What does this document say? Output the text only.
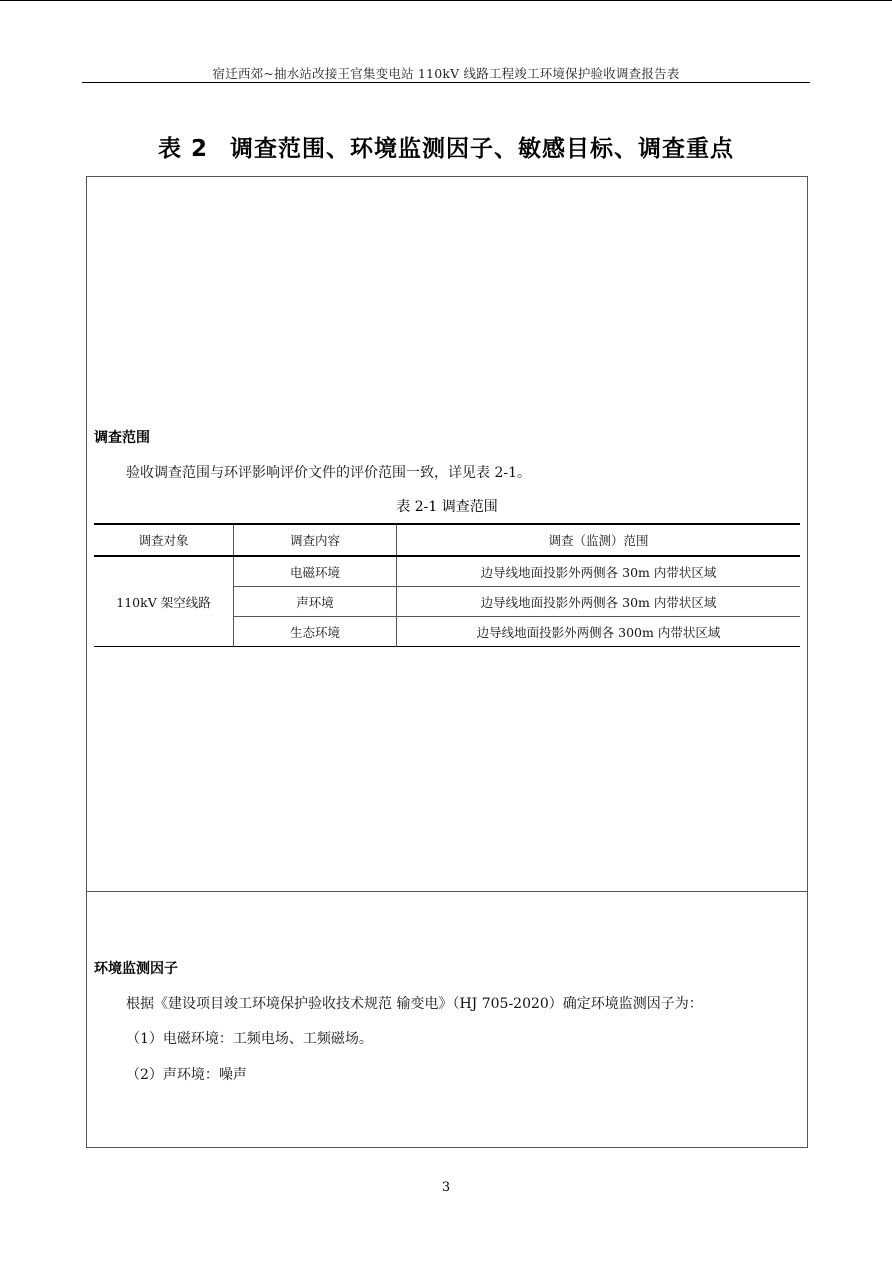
宿迁西郊~抽水站改接王官集变电站 110kV 线路工程竣工环境保护验收调查报告表
表 2 调查范围、环境监测因子、敏感目标、调查重点
调查范围
验收调查范围与环评影响评价文件的评价范围一致，详见表 2-1。
表 2-1 调查范围
调查对象	调查内容	调查（监测）范围
110kV 架空线路	电磁环境	边导线地面投影外两侧各 30m 内带状区域
	声环境	边导线地面投影外两侧各 30m 内带状区域
	生态环境	边导线地面投影外两侧各 300m 内带状区域
环境监测因子
根据《建设项目竣工环境保护验收技术规范 输变电》（HJ 705-2020）确定环境监测因子为：
（1）电磁环境：工频电场、工频磁场。
（2）声环境：噪声
3
